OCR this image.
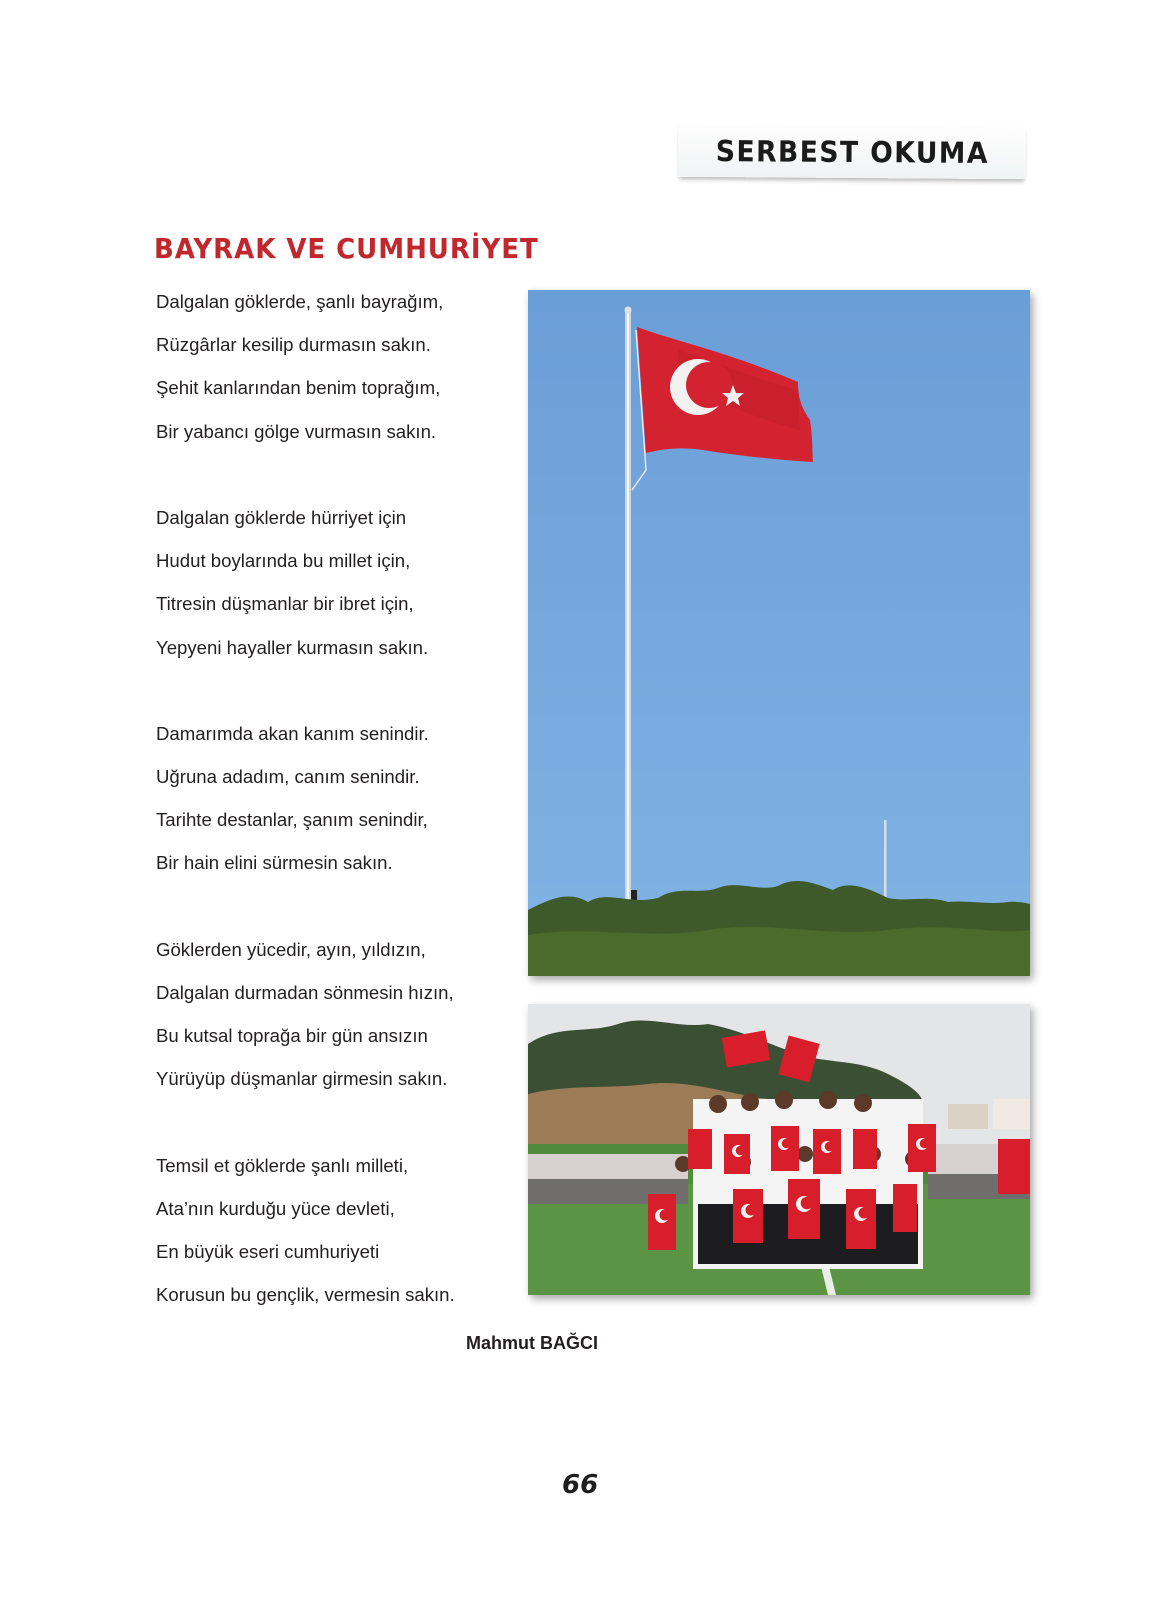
SERBEST OKUMA
BAYRAK VE CUMHURİYET
Dalgalan göklerde, şanlı bayrağım,
Rüzgârlar kesilip durmasın sakın.
Şehit kanlarından benim toprağım,
Bir yabancı gölge vurmasın sakın.
Dalgalan göklerde hürriyet için
Hudut boylarında bu millet için,
Titresin düşmanlar bir ibret için,
Yepyeni hayaller kurmasın sakın.
Damarımda akan kanım senindir.
Uğruna adadım, canım senindir.
Tarihte destanlar, şanım senindir,
Bir hain elini sürmesin sakın.
Göklerden yücedir, ayın, yıldızın,
Dalgalan durmadan sönmesin hızın,
Bu kutsal toprağa bir gün ansızın
Yürüyüp düşmanlar girmesin sakın.
Temsil et göklerde şanlı milleti,
Ata’nın kurduğu yüce devleti,
En büyük eseri cumhuriyeti
Korusun bu gençlik, vermesin sakın.
Mahmut BAĞCI
66
